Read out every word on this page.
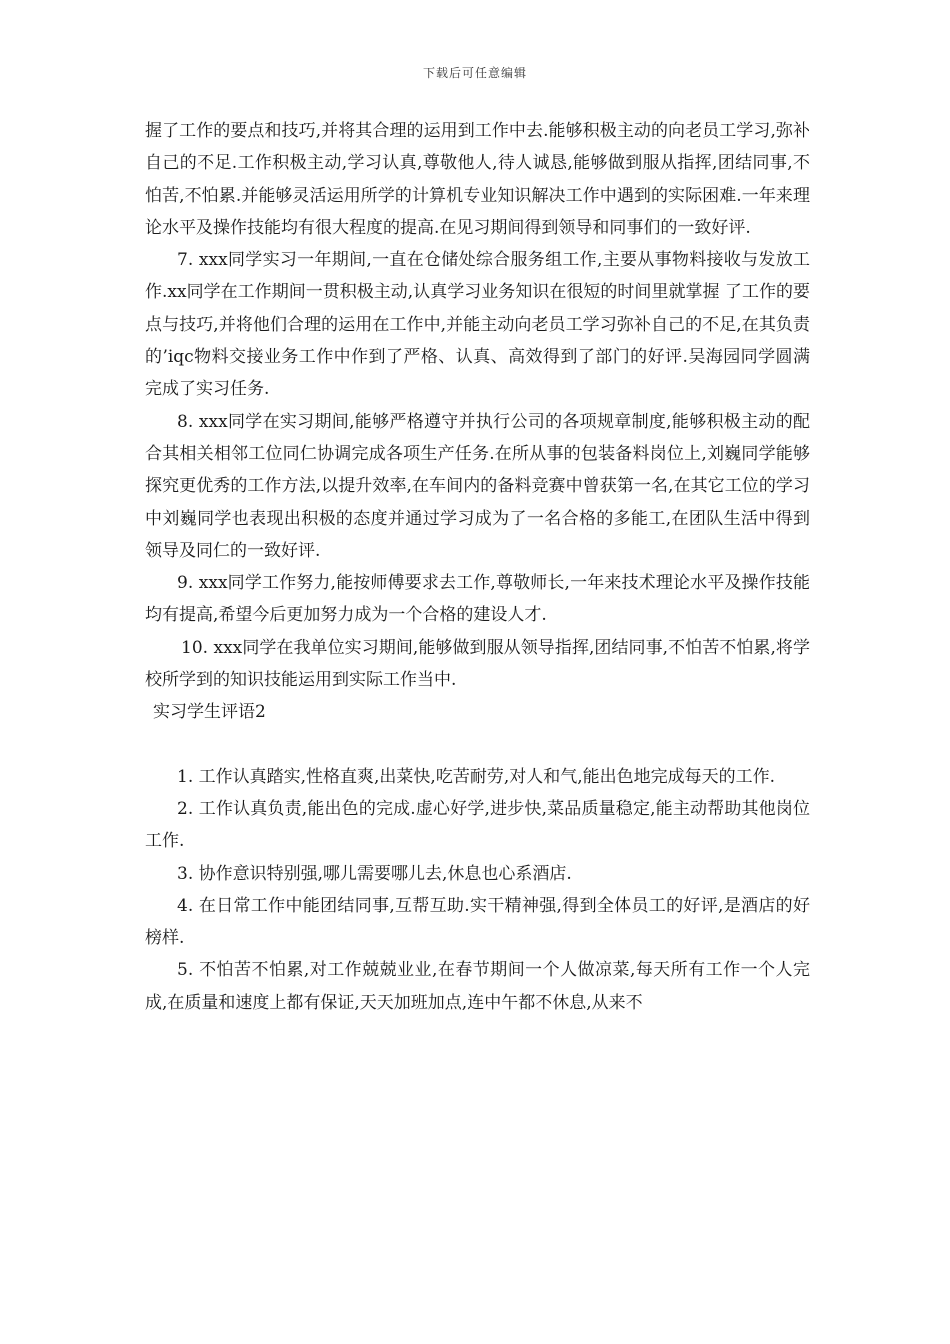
下载后可任意编辑

握了工作的要点和技巧,并将其合理的运用到工作中去.能够积极主动的向老员工学习,弥补自己的不足.工作积极主动,学习认真,尊敬他人,待人诚恳,能够做到服从指挥,团结同事,不怕苦,不怕累.并能够灵活运用所学的计算机专业知识解决工作中遇到的实际困难.一年来理论水平及操作技能均有很大程度的提高.在见习期间得到领导和同事们的一致好评.

7. xxx同学实习一年期间,一直在仓储处综合服务组工作,主要从事物料接收与发放工作.xx同学在工作期间一贯积极主动,认真学习业务知识在很短的时间里就掌握 了工作的要点与技巧,并将他们合理的运用在工作中,并能主动向老员工学习弥补自己的不足,在其负责的’iqc物料交接业务工作中作到了严格、认真、高效得到了部门的好评.吴海园同学圆满完成了实习任务.

8. xxx同学在实习期间,能够严格遵守并执行公司的各项规章制度,能够积极主动的配合其相关相邻工位同仁协调完成各项生产任务.在所从事的包装备料岗位上,刘巍同学能够探究更优秀的工作方法,以提升效率,在车间内的备料竞赛中曾获第一名,在其它工位的学习中刘巍同学也表现出积极的态度并通过学习成为了一名合格的多能工,在团队生活中得到领导及同仁的一致好评.

9. xxx同学工作努力,能按师傅要求去工作,尊敬师长,一年来技术理论水平及操作技能均有提高,希望今后更加努力成为一个合格的建设人才.

10. xxx同学在我单位实习期间,能够做到服从领导指挥,团结同事,不怕苦不怕累,将学校所学到的知识技能运用到实际工作当中.

实习学生评语2

1. 工作认真踏实,性格直爽,出菜快,吃苦耐劳,对人和气,能出色地完成每天的工作.

2. 工作认真负责,能出色的完成.虚心好学,进步快,菜品质量稳定,能主动帮助其他岗位工作.

3. 协作意识特别强,哪儿需要哪儿去,休息也心系酒店.

4. 在日常工作中能团结同事,互帮互助.实干精神强,得到全体员工的好评,是酒店的好榜样.

5. 不怕苦不怕累,对工作兢兢业业,在春节期间一个人做凉菜,每天所有工作一个人完成,在质量和速度上都有保证,天天加班加点,连中午都不休息,从来不
